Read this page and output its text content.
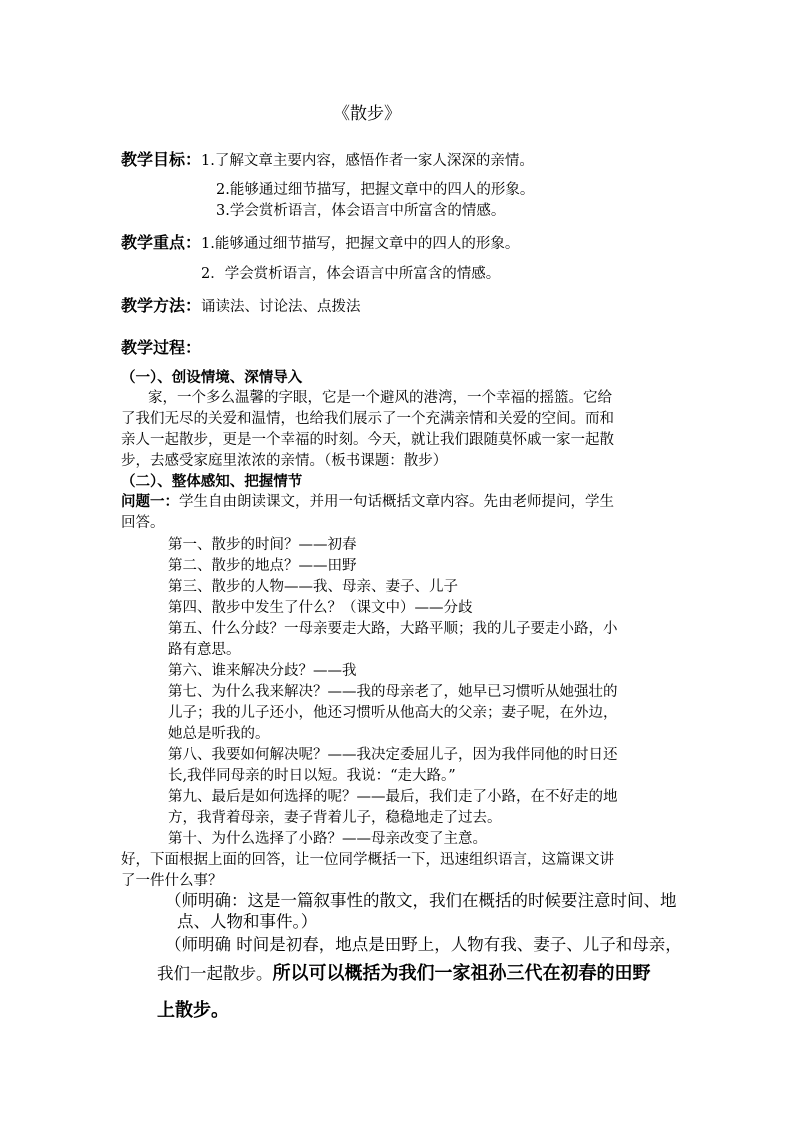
《散步》
教学目标：1.了解文章主要内容，感悟作者一家人深深的亲情。
2.能够通过细节描写，把握文章中的四人的形象。
3.学会赏析语言，体会语言中所富含的情感。
教学重点：1.能够通过细节描写，把握文章中的四人的形象。
2．学会赏析语言，体会语言中所富含的情感。
教学方法：诵读法、讨论法、点拨法
教学过程：
（一）、创设情境、深情导入
家，一个多么温馨的字眼，它是一个避风的港湾，一个幸福的摇篮。它给
了我们无尽的关爱和温情，也给我们展示了一个充满亲情和关爱的空间。而和
亲人一起散步，更是一个幸福的时刻。今天，就让我们跟随莫怀戚一家一起散
步，去感受家庭里浓浓的亲情。（板书课题：散步）
（二）、整体感知、把握情节
问题一：学生自由朗读课文，并用一句话概括文章内容。先由老师提问，学生
回答。
第一、散步的时间？——初春
第二、散步的地点？——田野
第三、散步的人物——我、母亲、妻子、儿子
第四、散步中发生了什么？（课文中）——分歧
第五、什么分歧？一母亲要走大路，大路平顺；我的儿子要走小路，小
路有意思。
第六、谁来解决分歧？——我
第七、为什么我来解决？——我的母亲老了，她早已习惯听从她强壮的
儿子；我的儿子还小，他还习惯听从他高大的父亲；妻子呢，在外边，
她总是听我的。
第八、我要如何解决呢？——我决定委屈儿子，因为我伴同他的时日还
长,我伴同母亲的时日以短。我说：“走大路。”
第九、最后是如何选择的呢？——最后，我们走了小路，在不好走的地
方，我背着母亲，妻子背着儿子，稳稳地走了过去。
第十、为什么选择了小路？——母亲改变了主意。
好，下面根据上面的回答，让一位同学概括一下，迅速组织语言，这篇课文讲
了一件什么事？
（师明确：这是一篇叙事性的散文，我们在概括的时候要注意时间、地
点、人物和事件。）
（师明确 时间是初春，地点是田野上，人物有我、妻子、儿子和母亲，
我们一起散步。所以可以概括为我们一家祖孙三代在初春的田野
上散步。
